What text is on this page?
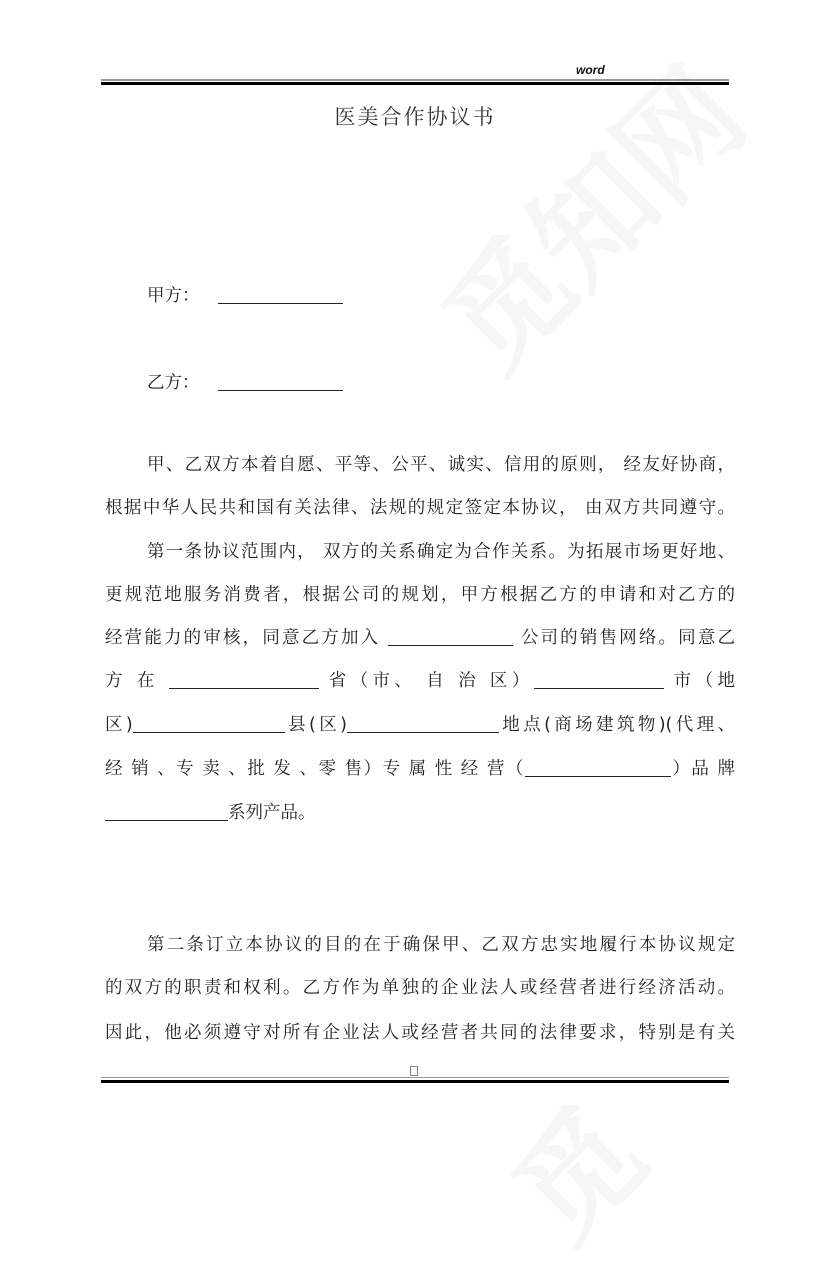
word
医美合作协议书
甲方：
乙方：
甲、乙双方本着自愿、平等、公平、诚实、信用的原则， 经友好协商，
根据中华人民共和国有关法律、法规的规定签定本协议， 由双方共同遵守。
第一条协议范围内， 双方的关系确定为合作关系。为拓展市场更好地、
更规范地服务消费者，根据公司的规划，甲方根据乙方的申请和对乙方的
经营能力的审核，同意乙方加入	公司的销售网络。同意乙
方 在	省（市、 自 治 区）	市（地
区)	县(区)	地点(商场建筑物)(代理、
经 销 、专 卖 、批 发 、零 售）专 属 性 经 营（	）品 牌
系列产品。
第二条订立本协议的目的在于确保甲、乙双方忠实地履行本协议规定
的双方的职责和权利。乙方作为单独的企业法人或经营者进行经济活动。
因此，他必须遵守对所有企业法人或经营者共同的法律要求，特别是有关
